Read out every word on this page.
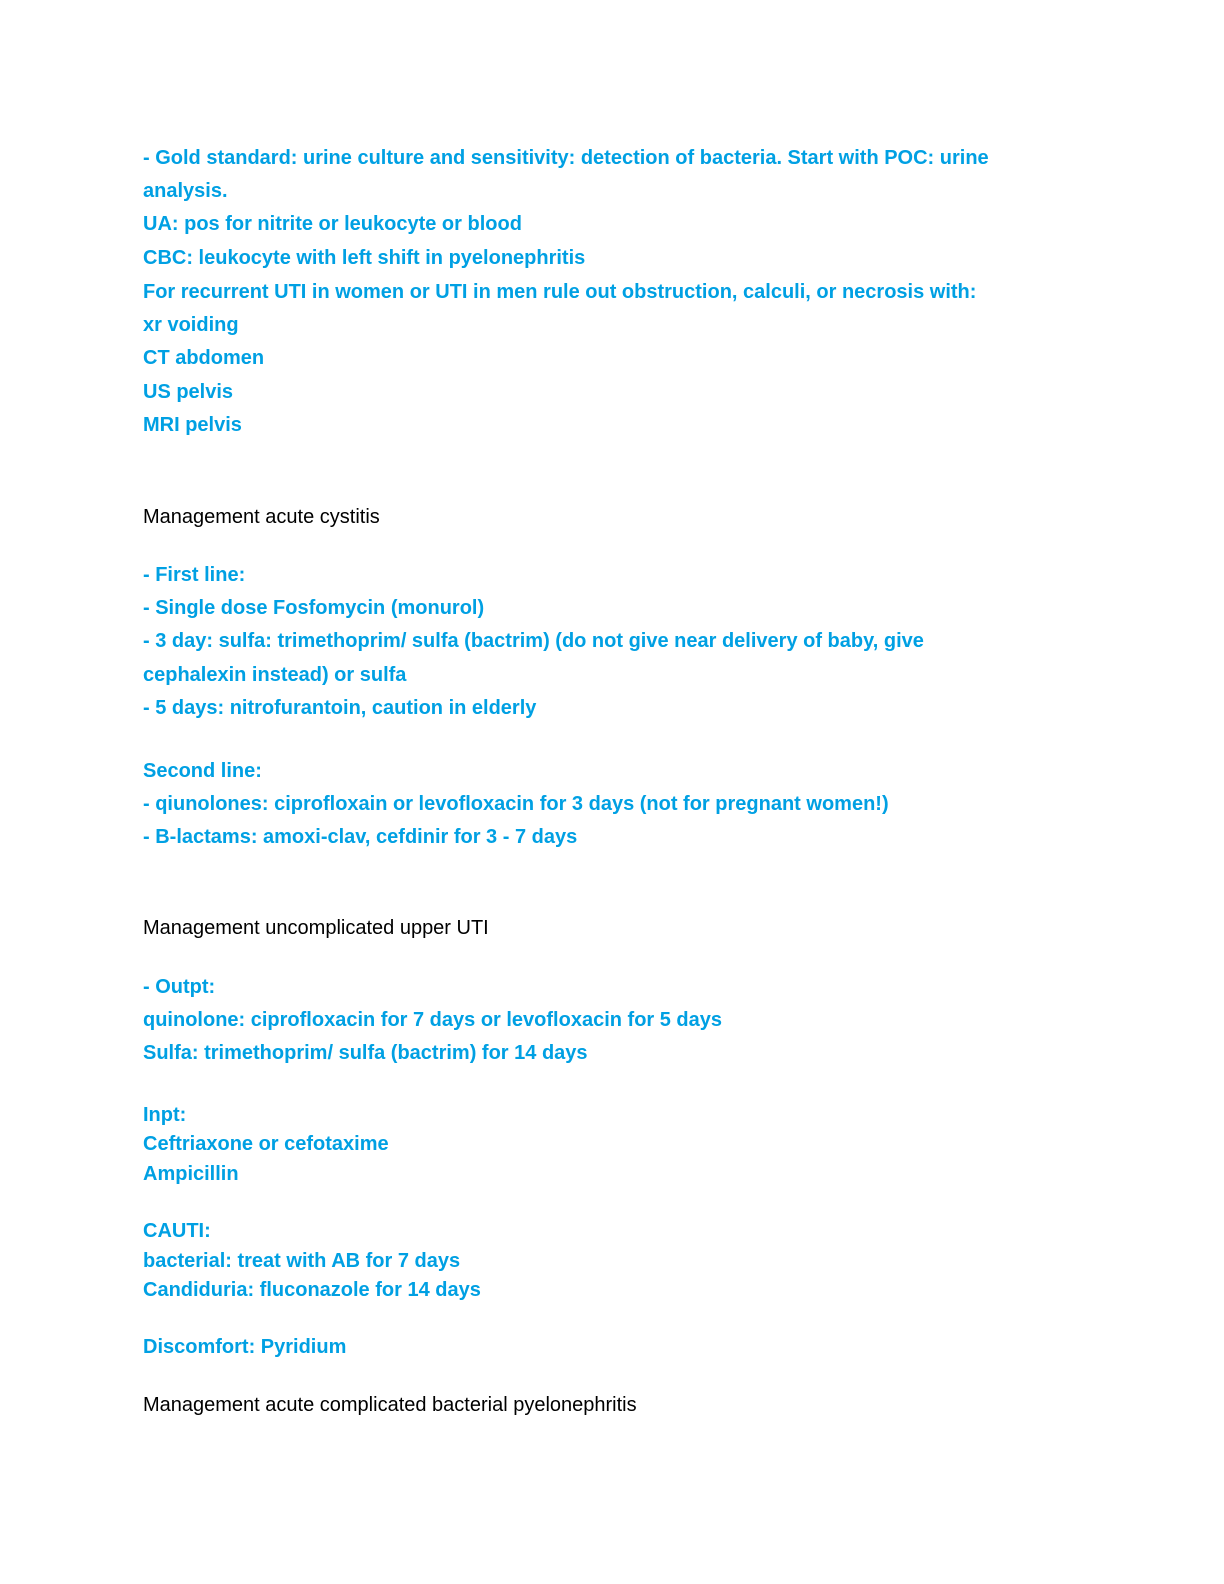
- Gold standard: urine culture and sensitivity: detection of bacteria. Start with POC: urine
analysis.
UA: pos for nitrite or leukocyte or blood
CBC: leukocyte with left shift in pyelonephritis
For recurrent UTI in women or UTI in men rule out obstruction, calculi, or necrosis with:
xr voiding
CT abdomen
US pelvis
MRI pelvis
Management acute cystitis
- First line:
- Single dose Fosfomycin (monurol)
- 3 day: sulfa: trimethoprim/ sulfa (bactrim) (do not give near delivery of baby, give
cephalexin instead) or sulfa
- 5 days: nitrofurantoin, caution in elderly
Second line:
- qiunolones: ciprofloxain or levofloxacin for 3 days (not for pregnant women!)
- B-lactams: amoxi-clav, cefdinir for 3 - 7 days
Management uncomplicated upper UTI
- Outpt:
quinolone: ciprofloxacin for 7 days or levofloxacin for 5 days
Sulfa: trimethoprim/ sulfa (bactrim) for 14 days
Inpt:
Ceftriaxone or cefotaxime
Ampicillin
CAUTI:
bacterial: treat with AB for 7 days
Candiduria: fluconazole for 14 days
Discomfort: Pyridium
Management acute complicated bacterial pyelonephritis
